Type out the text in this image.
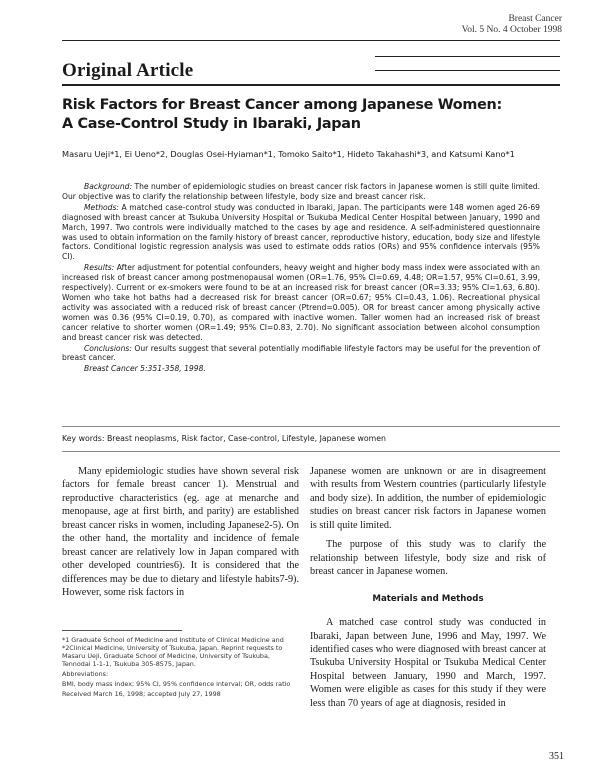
Breast Cancer
Vol. 5 No. 4 October 1998
Original Article
Risk Factors for Breast Cancer among Japanese Women:
A Case-Control Study in Ibaraki, Japan
Masaru Ueji*1, Ei Ueno*2, Douglas Osei-Hyiaman*1, Tomoko Saito*1, Hideto Takahashi*3, and Katsumi Kano*1

Background: The number of epidemiologic studies on breast cancer risk factors in Japanese women is still quite limited. Our objective was to clarify the relationship between lifestyle, body size and breast cancer risk.

Methods: A matched case-control study was conducted in Ibaraki, Japan. The participants were 148 women aged 26-69 diagnosed with breast cancer at Tsukuba University Hospital or Tsukuba Medical Center Hospital between January, 1990 and March, 1997. Two controls were individually matched to the cases by age and residence. A self-administered questionnaire was used to obtain information on the family history of breast cancer, reproductive history, education, body size and lifestyle factors. Conditional logistic regression analysis was used to estimate odds ratios (ORs) and 95% confidence intervals (95% CI).

Results: After adjustment for potential confounders, heavy weight and higher body mass index were associated with an increased risk of breast cancer among postmenopausal women (OR=1.76, 95% CI=0.69, 4.48; OR=1.57, 95% CI=0.61, 3.99, respectively). Current or ex-smokers were found to be at an increased risk for breast cancer (OR=3.33; 95% CI=1.63, 6.80). Women who take hot baths had a decreased risk for breast cancer (OR=0.67; 95% CI=0.43, 1.06). Recreational physical activity was associated with a reduced risk of breast cancer (Ptrend=0.005). OR for breast cancer among physically active women was 0.36 (95% CI=0.19, 0.70), as compared with inactive women. Taller women had an increased risk of breast cancer relative to shorter women (OR=1.49; 95% CI=0.83, 2.70). No significant association between alcohol consumption and breast cancer risk was detected.

Conclusions: Our results suggest that several potentially modifiable lifestyle factors may be useful for the prevention of breast cancer.

Breast Cancer 5:351-358, 1998.

Key words: Breast neoplasms, Risk factor, Case-control, Lifestyle, Japanese women

Many epidemiologic studies have shown several risk factors for female breast cancer 1). Menstrual and reproductive characteristics (eg. age at menarche and menopause, age at first birth, and parity) are established breast cancer risks in women, including Japanese2-5). On the other hand, the mortality and incidence of female breast cancer are relatively low in Japan compared with other developed countries6). It is considered that the differences may be due to dietary and lifestyle habits7-9). However, some risk factors in

Japanese women are unknown or are in disagreement with results from Western countries (particularly lifestyle and body size). In addition, the number of epidemiologic studies on breast cancer risk factors in Japanese women is still quite limited.

The purpose of this study was to clarify the relationship between lifestyle, body size and risk of breast cancer in Japanese women.

Materials and Methods

A matched case control study was conducted in Ibaraki, Japan between June, 1996 and May, 1997. We identified cases who were diagnosed with breast cancer at Tsukuba University Hospital or Tsukuba Medical Center Hospital between January, 1990 and March, 1997. Women were eligible as cases for this study if they were less than 70 years of age at diagnosis, resided in

*1 Graduate School of Medicine and Institute of Clinical Medicine and *2Clinical Medicine, University of Tsukuba, Japan. Reprint requests to Masaru Ueji, Graduate School of Medicine, University of Tsukuba, Tennodai 1-1-1, Tsukuba 305-8575, Japan.

Abbreviations:

BMI, body mass index; 95% CI, 95% confidence interval; OR, odds ratio

Received March 16, 1998; accepted July 27, 1998

351
